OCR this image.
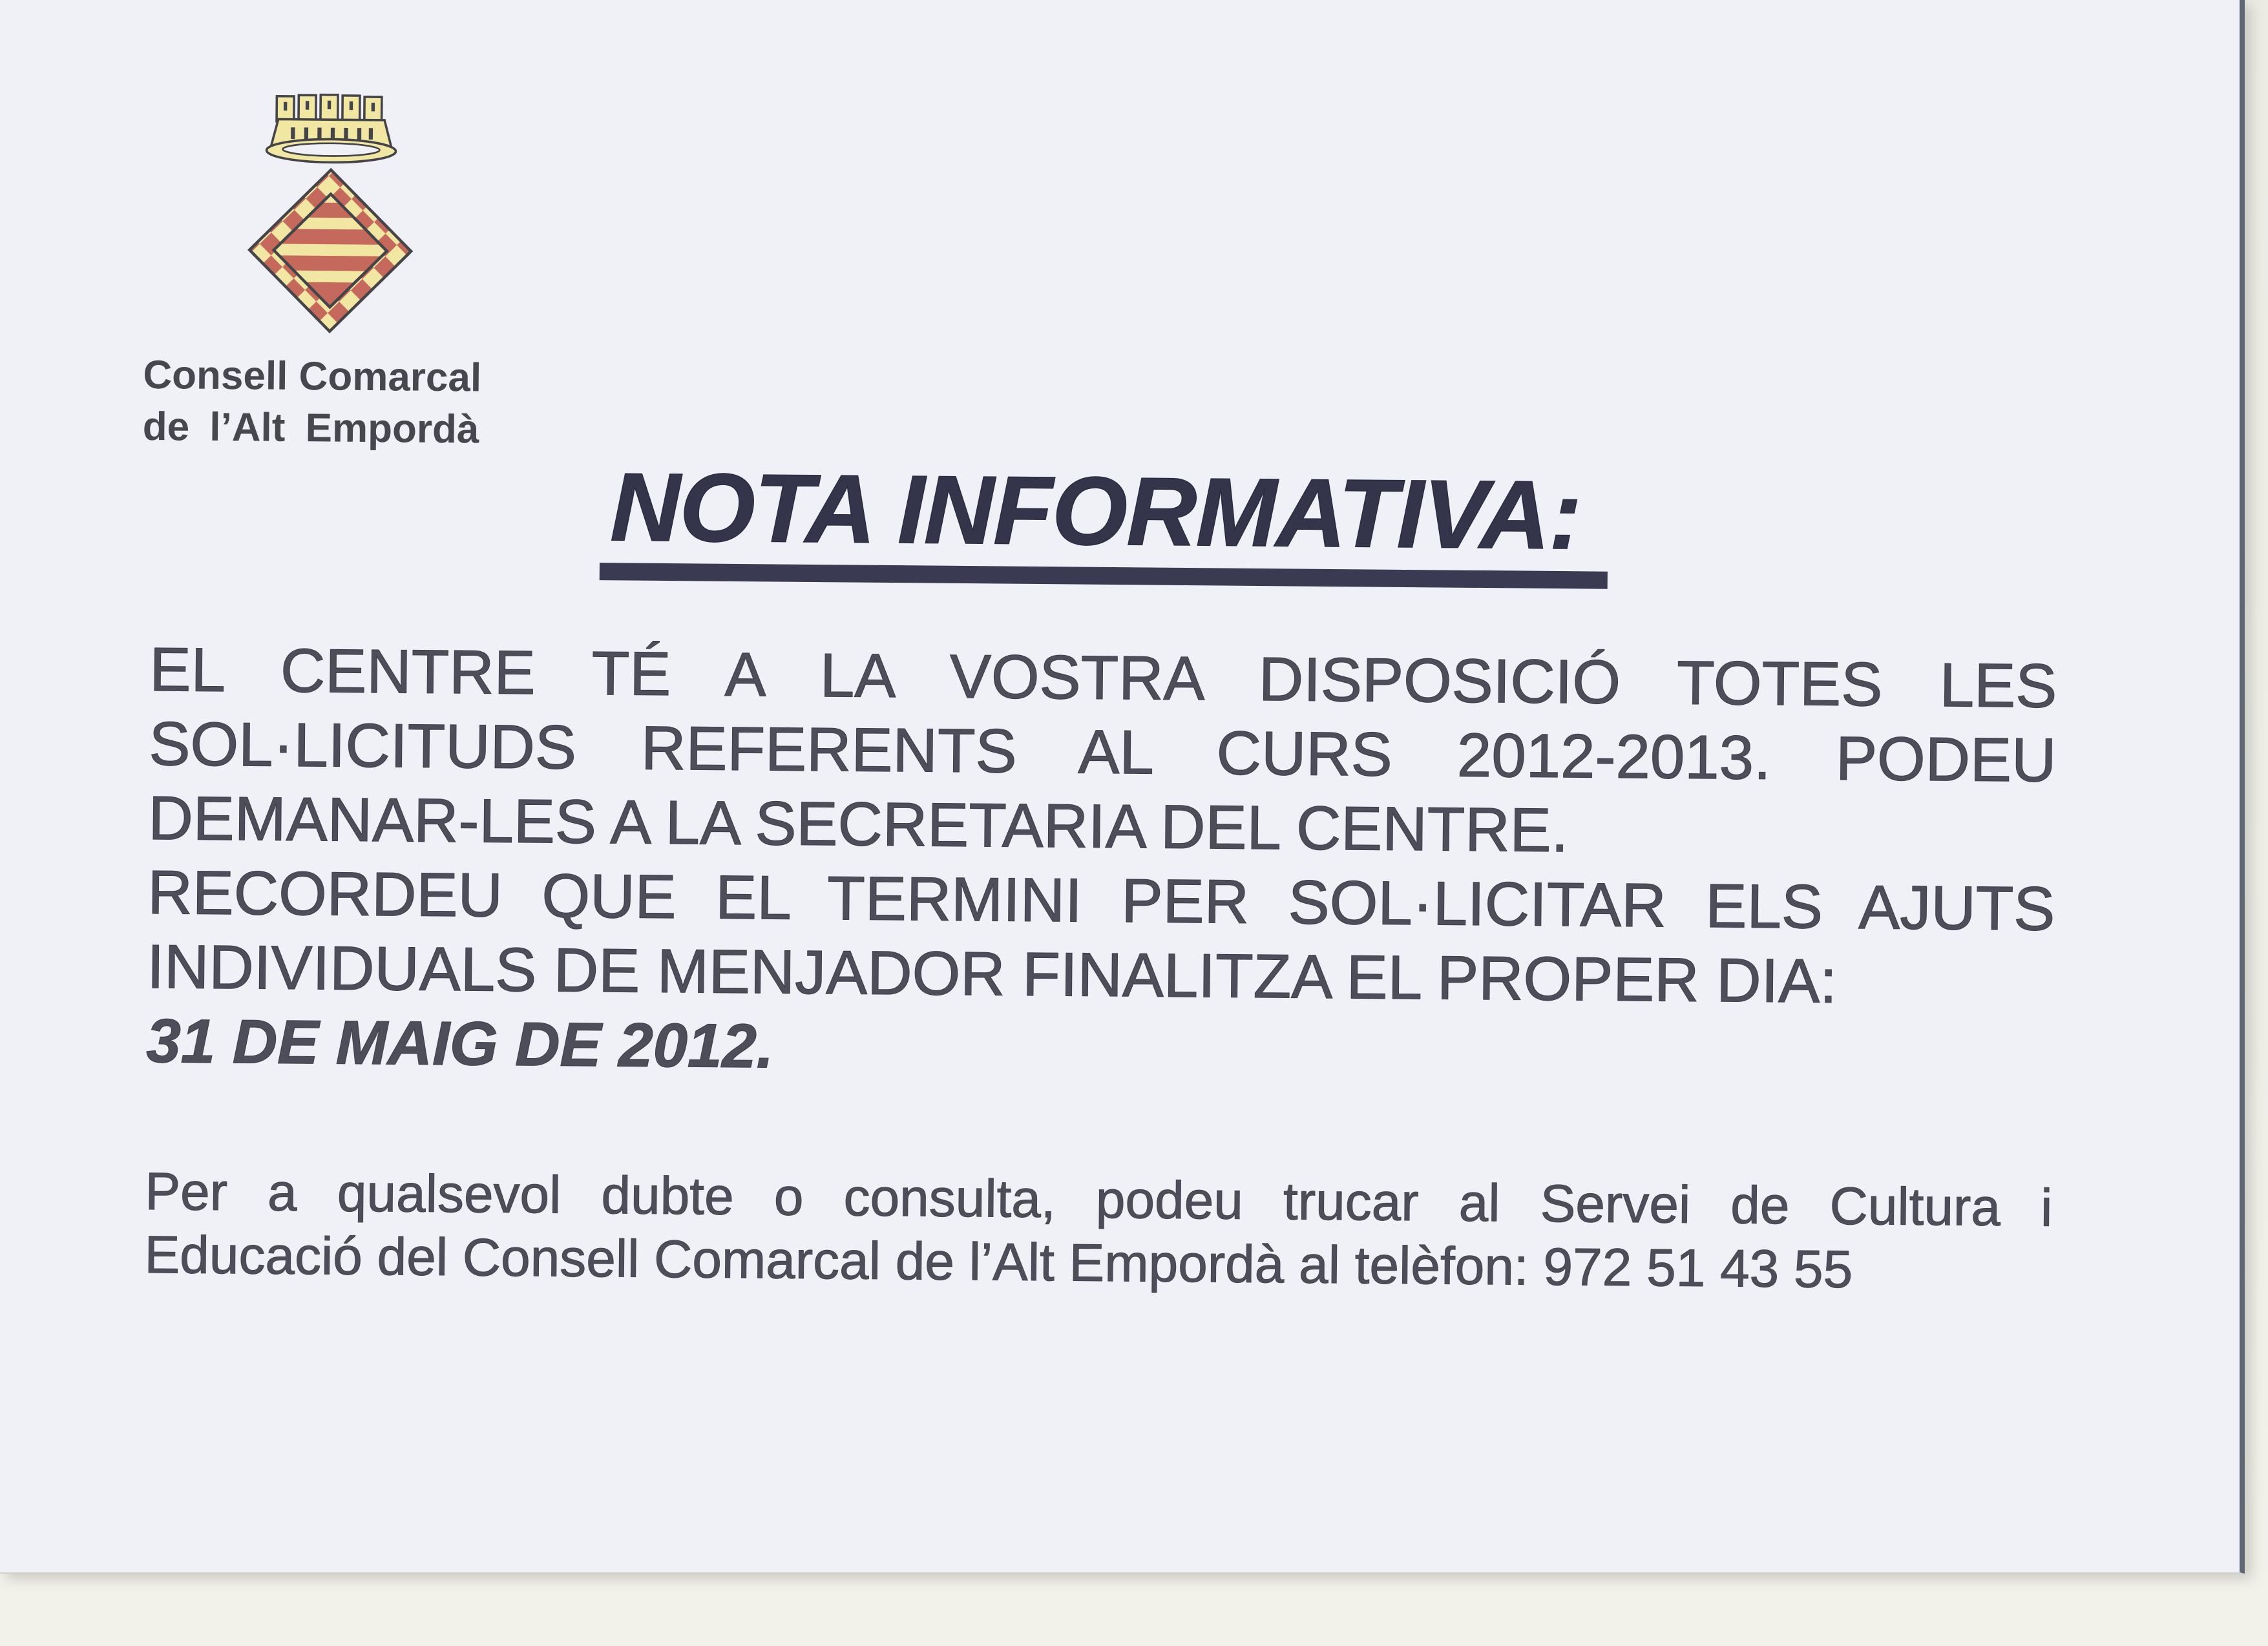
Consell Comarcal
de l’Alt Empordà
NOTA INFORMATIVA:
EL CENTRE TÉ A LA VOSTRA DISPOSICIÓ TOTES LES
SOL·LICITUDS REFERENTS AL CURS 2012-2013. PODEU
DEMANAR-LES A LA SECRETARIA DEL CENTRE.
RECORDEU QUE EL TERMINI PER SOL·LICITAR ELS AJUTS
INDIVIDUALS DE MENJADOR FINALITZA EL PROPER DIA:
31 DE MAIG DE 2012.
Per a qualsevol dubte o consulta, podeu trucar al Servei de Cultura i
Educació del Consell Comarcal de l’Alt Empordà al telèfon: 972 51 43 55
